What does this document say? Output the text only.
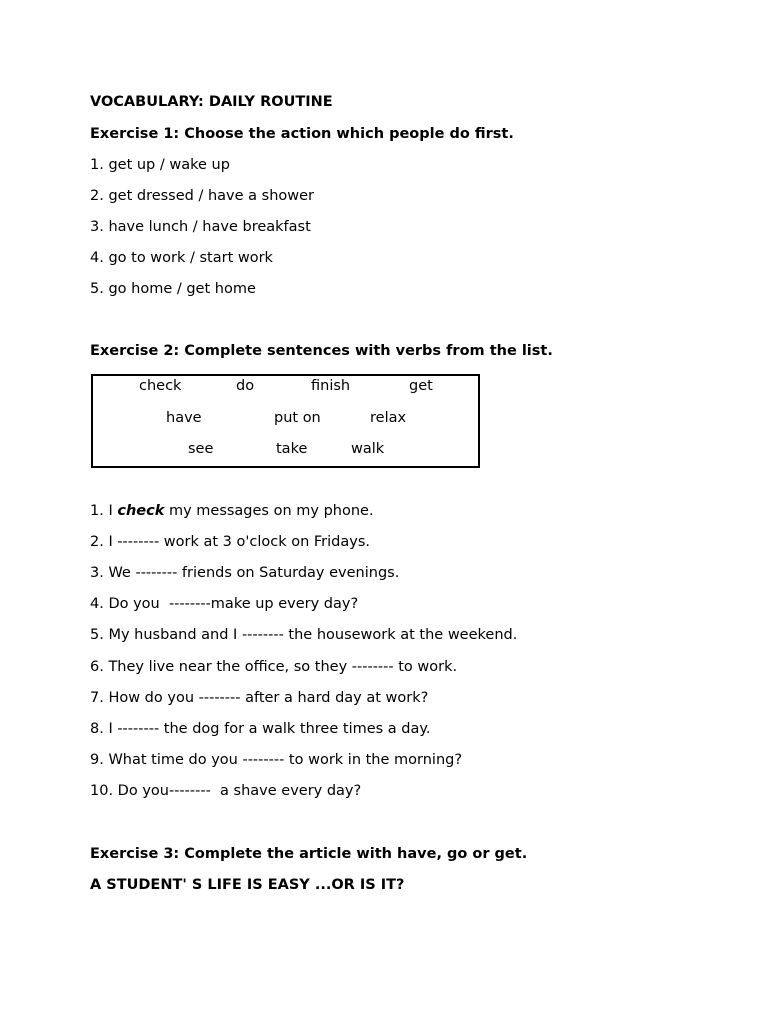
VOCABULARY: DAILY ROUTINE
Exercise 1: Choose the action which people do first.
1. get up / wake up
2. get dressed / have a shower
3. have lunch / have breakfast
4. go to work / start work
5. go home / get home
Exercise 2: Complete sentences with verbs from the list.
check	do	finish	get
have	put on	relax
see	take	walk
1. I check my messages on my phone.
2. I -------- work at 3 o'clock on Fridays.
3. We -------- friends on Saturday evenings.
4. Do you  --------make up every day?
5. My husband and I -------- the housework at the weekend.
6. They live near the office, so they -------- to work.
7. How do you -------- after a hard day at work?
8. I -------- the dog for a walk three times a day.
9. What time do you -------- to work in the morning?
10. Do you--------  a shave every day?
Exercise 3: Complete the article with have, go or get.
A STUDENT' S LIFE IS EASY ...OR IS IT?
